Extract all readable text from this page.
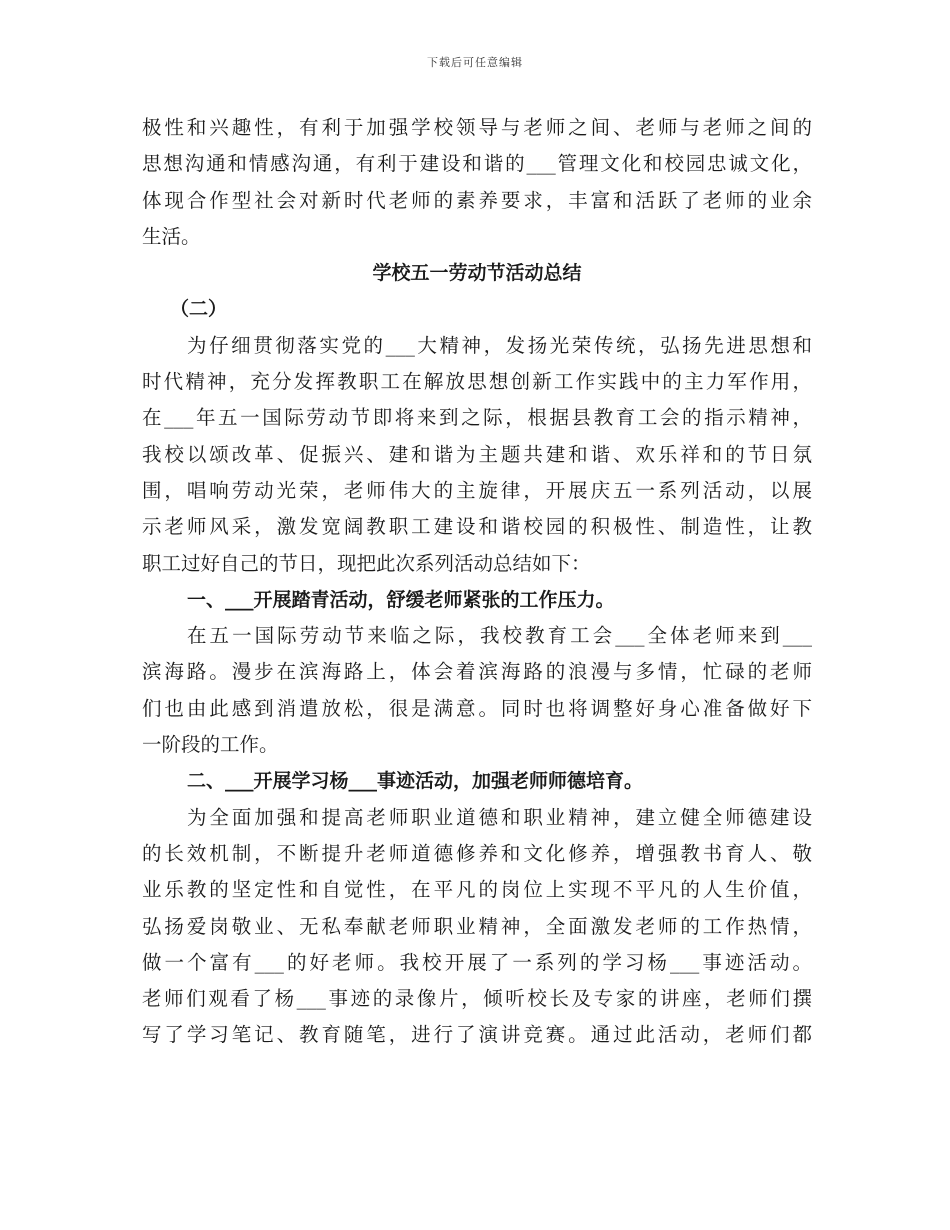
下载后可任意编辑
极性和兴趣性，有利于加强学校领导与老师之间、老师与老师之间的
思想沟通和情感沟通，有利于建设和谐的___管理文化和校园忠诚文化，
体现合作型社会对新时代老师的素养要求，丰富和活跃了老师的业余
生活。
学校五一劳动节活动总结
（二）
为仔细贯彻落实党的___大精神，发扬光荣传统，弘扬先进思想和
时代精神，充分发挥教职工在解放思想创新工作实践中的主力军作用，
在___年五一国际劳动节即将来到之际，根据县教育工会的指示精神，
我校以颂改革、促振兴、建和谐为主题共建和谐、欢乐祥和的节日氛
围，唱响劳动光荣，老师伟大的主旋律，开展庆五一系列活动，以展
示老师风采，激发宽阔教职工建设和谐校园的积极性、制造性，让教
职工过好自己的节日，现把此次系列活动总结如下：
一、___开展踏青活动，舒缓老师紧张的工作压力。
在五一国际劳动节来临之际，我校教育工会___全体老师来到___
滨海路。漫步在滨海路上，体会着滨海路的浪漫与多情，忙碌的老师
们也由此感到消遣放松，很是满意。同时也将调整好身心准备做好下
一阶段的工作。
二、___开展学习杨___事迹活动，加强老师师德培育。
为全面加强和提高老师职业道德和职业精神，建立健全师德建设
的长效机制，不断提升老师道德修养和文化修养，增强教书育人、敬
业乐教的坚定性和自觉性，在平凡的岗位上实现不平凡的人生价值，
弘扬爱岗敬业、无私奉献老师职业精神，全面激发老师的工作热情，
做一个富有___的好老师。我校开展了一系列的学习杨___事迹活动。
老师们观看了杨___事迹的录像片，倾听校长及专家的讲座，老师们撰
写了学习笔记、教育随笔，进行了演讲竞赛。通过此活动，老师们都
